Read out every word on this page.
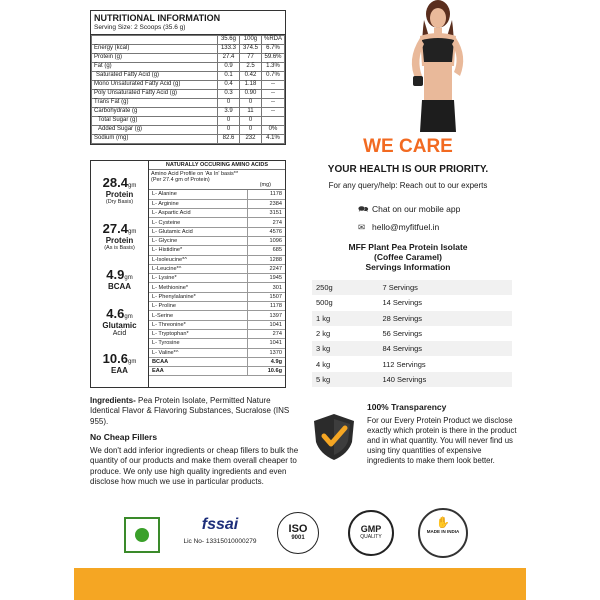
NUTRITIONAL INFORMATION
Serving Size: 2 Scoops (35.6 g)
	35.6g	100g	%RDA
Energy (kcal)	133.3	374.5	6.7%
Protein (g)	27.4	77	59.6%
Fat (g)	0.9	2.5	1.3%
Saturated Fatty Acid (g)	0.1	0.42	0.7%
Mono Unsaturated Fatty Acid (g)	0.4	1.18	--
Poly Unsaturated Fatty Acid (g)	0.3	0.90	--
Trans Fat (g)	0	0	--
Carbohydrate (g	3.9	11	--
Total Sugar (g)	0	0	
Added Sugar (g)	0	0	0%
Sodium (mg)	82.6	232	4.1%
28.4gm
Protein
(Dry Basis)
27.4gm
Protein
(As is Basis)
4.9gm
BCAA
4.6gm
Glutamic
Acid
10.6gm
EAA
NATURALLY OCCURING AMINO ACIDS
Amino Acid Profile on 'As In' basis**
(Per 27.4 gm of Protein)
(mg)
L- Alanine	1178
L- Arginine	2384
L- Aspartic Acid	3151
L- Cysteine	274
L- Glutamic Acid	4576
L- Glycine	1096
L- Histidine*	685
L-Isoleucine*^	1288
L-Leucine*^	2247
L- Lysine*	1945
L- Methionine*	301
L- Phenylalanine*	1507
L- Proline	1178
L-Serine	1397
L- Threonine*	1041
L- Tryptophan*	274
L- Tyrosine	1041
L- Valine*^	1370
BCAA	4.9g
EAA	10.6g
Ingredients- Pea Protein Isolate, Permitted Nature Identical Flavor & Flavoring Substances, Sucralose (INS 955).
No Cheap Fillers
We don't add inferior ingredients or cheap fillers to bulk the quantity of our products and make them overall cheaper to produce. We only use high quality ingredients and even disclose how much we use in particular products.
fssai
Lic No- 13315010000279
ISO
9001
GMP
QUALITY
✋
MADE IN INDIA
WE CARE
YOUR HEALTH IS OUR PRIORITY.
For any query/help: Reach out to our experts
🗪 Chat on our mobile app
✉ hello@myfitfuel.in
MFF Plant Pea Protein Isolate
(Coffee Caramel)
Servings Information
250g	7 Servings
500g	14 Servings
1 kg	28 Servings
2 kg	56 Servings
3 kg	84 Servings
4 kg	112 Servings
5 kg	140 Servings
100% Transparency
For our Every Protein Product we disclose exactly which protein is there in the product and in what quantity. You will never find us using tiny quantities of expensive ingredients to make them look better.
